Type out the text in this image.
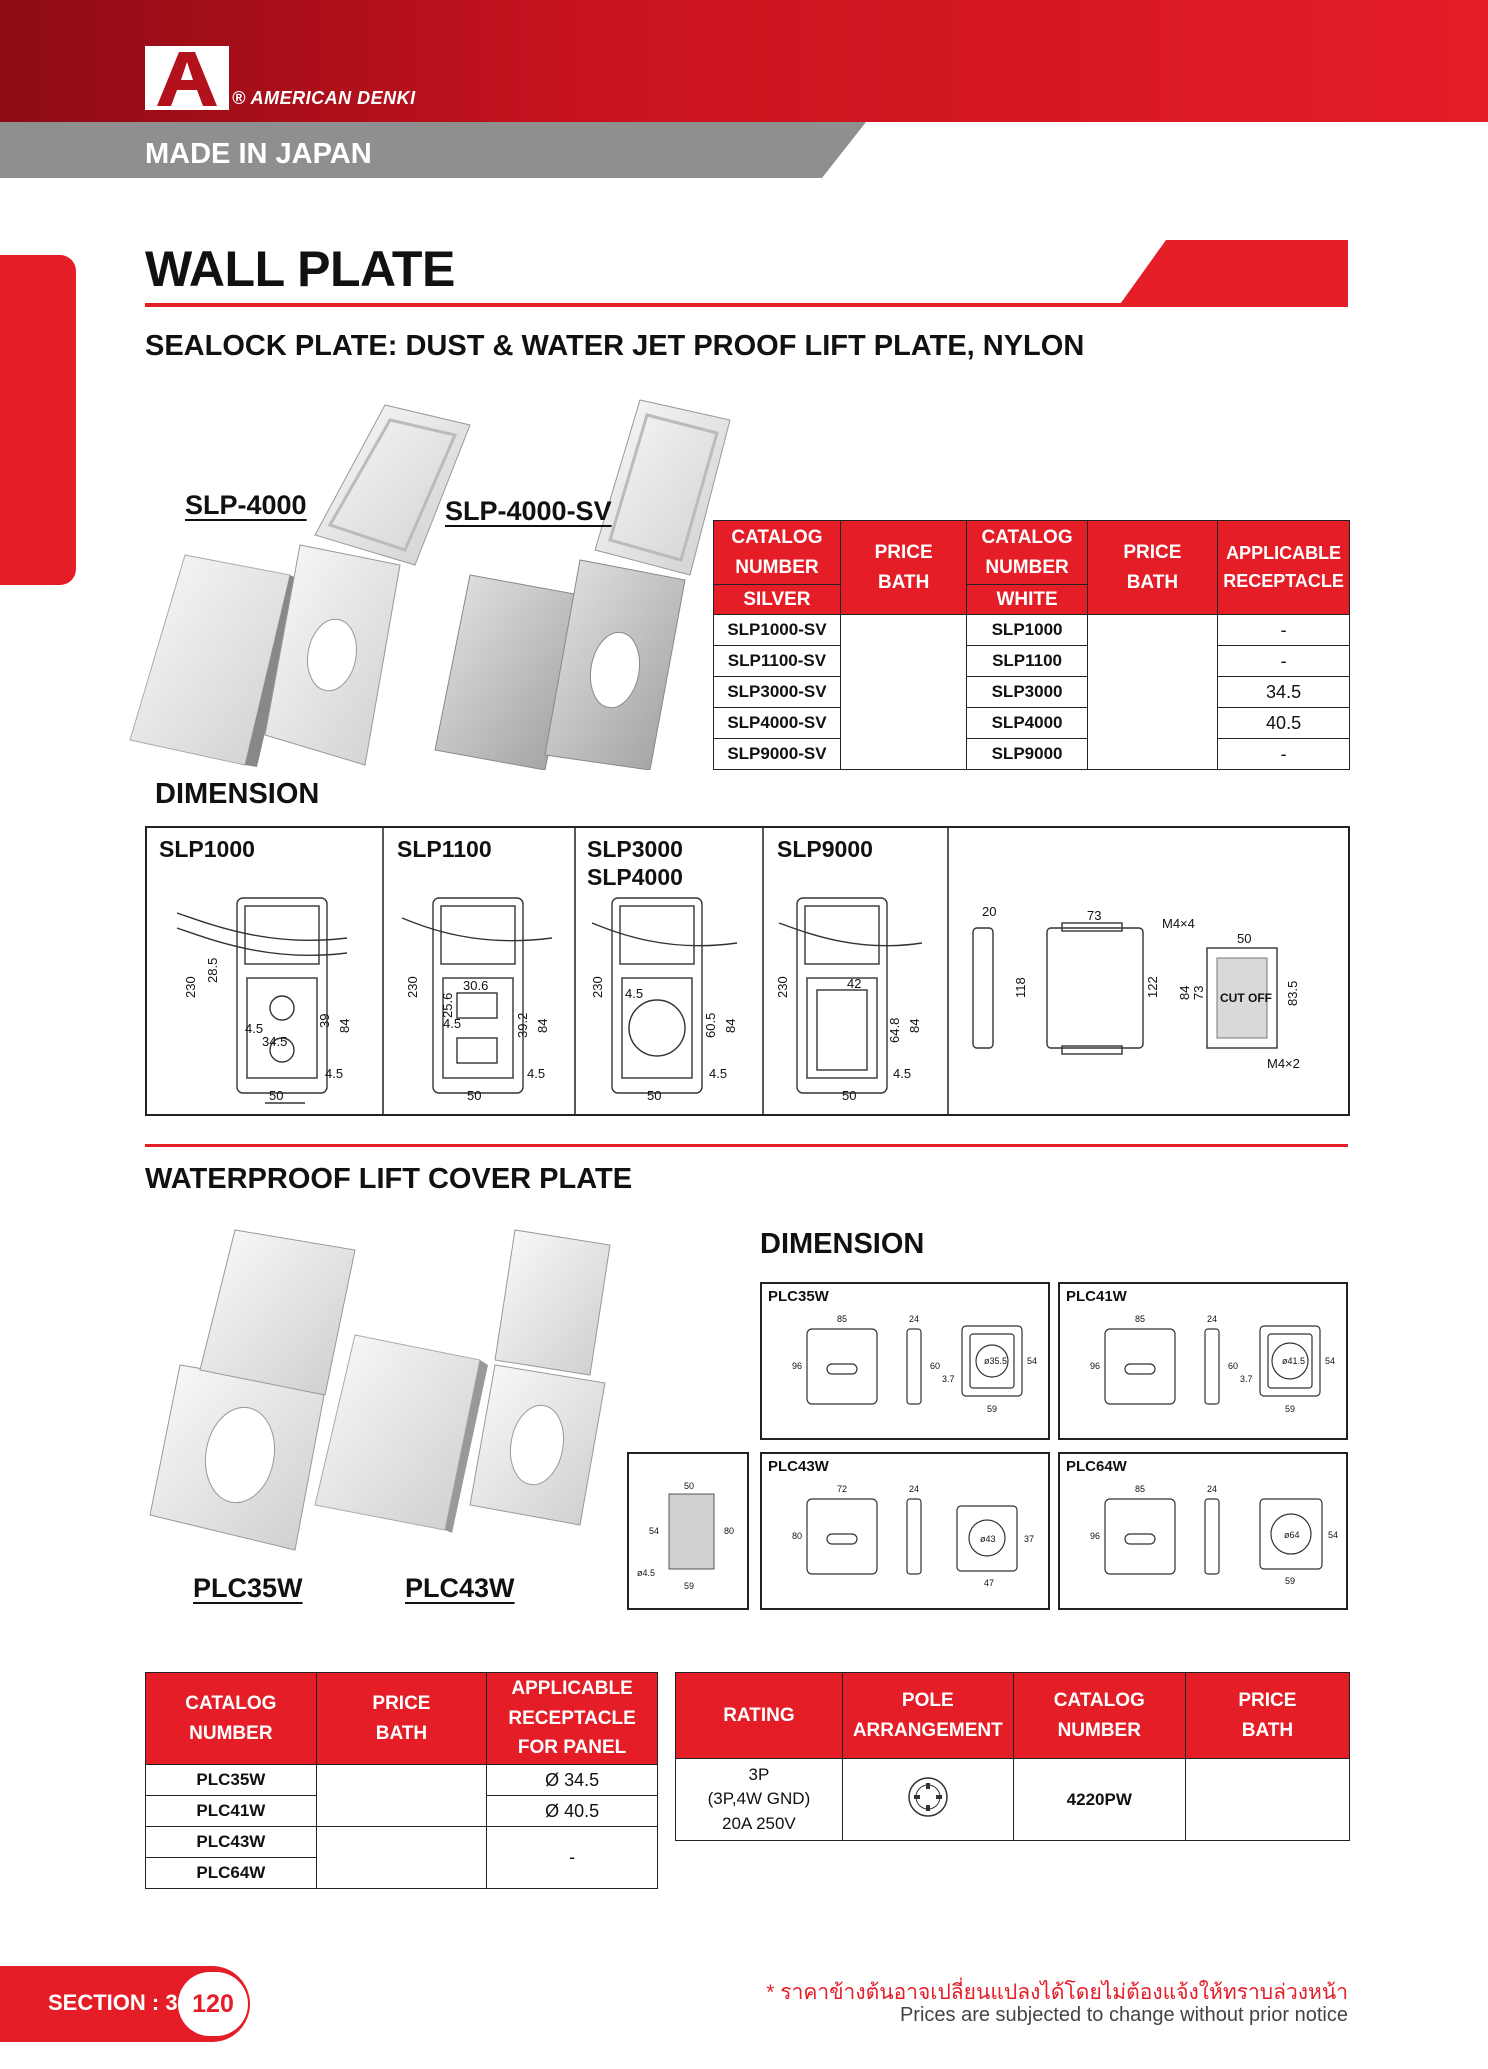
® AMERICAN DENKI
MADE IN JAPAN
WALL PLATE
SEALOCK PLATE: DUST & WATER JET PROOF LIFT PLATE, NYLON
SLP-4000	SLP-4000-SV
CATALOG NUMBER	PRICE BATH	CATALOG NUMBER	PRICE BATH	APPLICABLE RECEPTACLE
SILVER		WHITE		
SLP1000-SV		SLP1000		-
SLP1100-SV		SLP1100		-
SLP3000-SV		SLP3000		34.5
SLP4000-SV		SLP4000		40.5
SLP9000-SV		SLP9000		-
DIMENSION
230
28.5
4.5
34.5
39 84
50
4.5
230	30.6
25.6
4.5	39.2 84
50
4.5
230 4.5
60.5 84
50
4.5
230	42
64.8 84
50
4.5
20
118
73
122
M4×4
50
84 73	83.5
M4×2
CUT OFF
SLP1000	SLP1100	SLP3000
SLP4000
SLP9000
WATERPROOF LIFT COVER PLATE
PLC35W	PLC43W
DIMENSION
PLC35W
85	24
96	60
3.7
ø35.5 54
59
PLC41W
85	24
96	60
3.7
ø41.5 54
59
50
54	80
ø4.5
59
PLC43W
72	24
80	ø43	37
47
PLC64W
85	24
96	ø64	54
59
CATALOG NUMBER	PRICE BATH	APPLICABLE RECEPTACLE FOR PANEL
PLC35W		Ø 34.5
PLC41W		Ø 40.5
PLC43W		-
PLC64W		
RATING	POLE ARRANGEMENT	CATALOG NUMBER	PRICE BATH

3P
(3P,4W GND)
20A 250V		4220PW	
SECTION : 3 120	* ราคาข้างต้นอาจเปลี่ยนแปลงได้โดยไม่ต้องแจ้งให้ทราบล่วงหน้า
Prices are subjected to change without prior notice
